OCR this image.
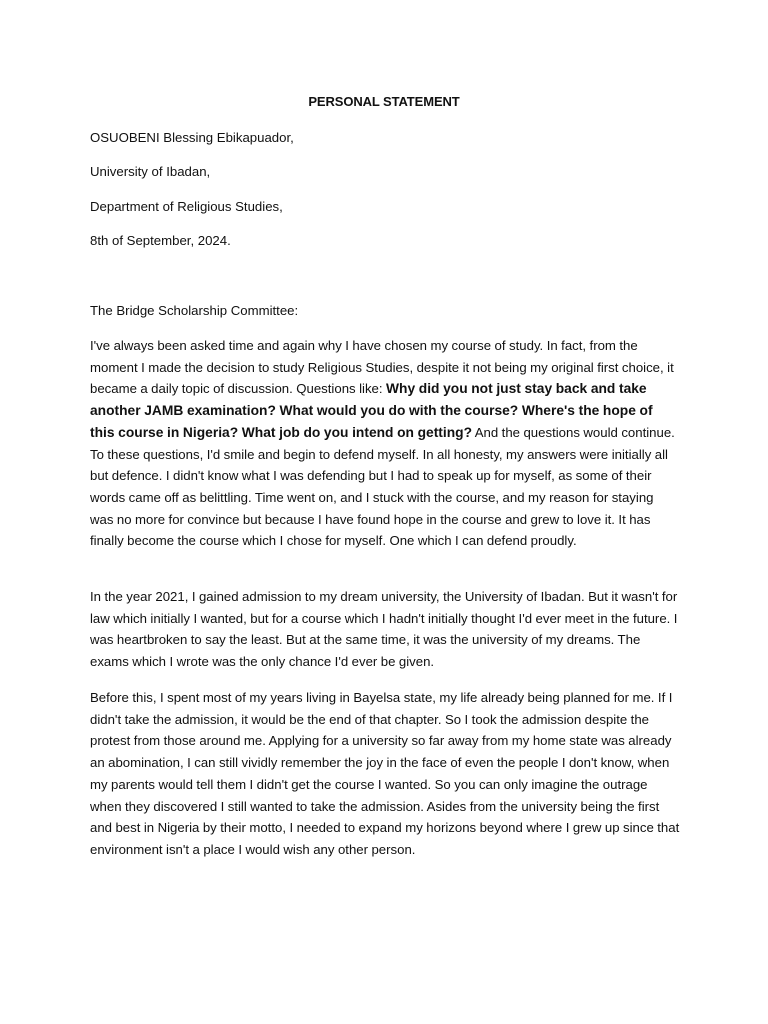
PERSONAL STATEMENT

OSUOBENI Blessing Ebikapuador,

University of Ibadan,

Department of Religious Studies,

8th of September, 2024.

The Bridge Scholarship Committee:

I've always been asked time and again why I have chosen my course of study. In fact, from the moment I made the decision to study Religious Studies, despite it not being my original first choice, it became a daily topic of discussion. Questions like: Why did you not just stay back and take another JAMB examination? What would you do with the course? Where's the hope of this course in Nigeria? What job do you intend on getting? And the questions would continue. To these questions, I'd smile and begin to defend myself. In all honesty, my answers were initially all but defence. I didn't know what I was defending but I had to speak up for myself, as some of their words came off as belittling. Time went on, and I stuck with the course, and my reason for staying was no more for convince but because I have found hope in the course and grew to love it. It has finally become the course which I chose for myself. One which I can defend proudly.

In the year 2021, I gained admission to my dream university, the University of Ibadan. But it wasn't for law which initially I wanted, but for a course which I hadn't initially thought I'd ever meet in the future. I was heartbroken to say the least. But at the same time, it was the university of my dreams. The exams which I wrote was the only chance I'd ever be given.

Before this, I spent most of my years living in Bayelsa state, my life already being planned for me. If I didn't take the admission, it would be the end of that chapter. So I took the admission despite the protest from those around me. Applying for a university so far away from my home state was already an abomination, I can still vividly remember the joy in the face of even the people I don't know, when my parents would tell them I didn't get the course I wanted. So you can only imagine the outrage when they discovered I still wanted to take the admission. Asides from the university being the first and best in Nigeria by their motto, I needed to expand my horizons beyond where I grew up since that environment isn't a place I would wish any other person.
